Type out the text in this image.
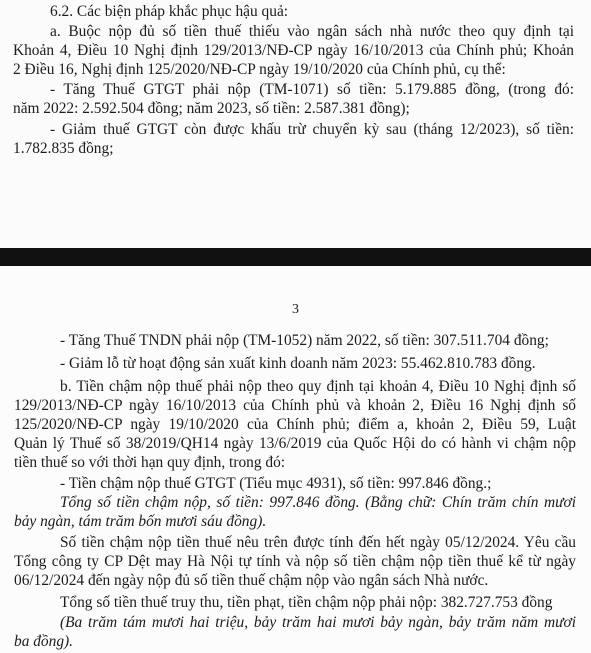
6.2. Các biện pháp khắc phục hậu quả:

a. Buộc nộp đủ số tiền thuế thiếu vào ngân sách nhà nước theo quy định tại

Khoản 4, Điều 10 Nghị định 129/2013/NĐ-CP ngày 16/10/2013 của Chính phủ; Khoản

2 Điều 16, Nghị định 125/2020/NĐ-CP ngày 19/10/2020 của Chính phủ, cụ thể:

- Tăng Thuế GTGT phải nộp (TM-1071) số tiền: 5.179.885 đồng, (trong đó:

năm 2022: 2.592.504 đồng; năm 2023, số tiền: 2.587.381 đồng);

- Giảm thuế GTGT còn được khấu trừ chuyển kỳ sau (tháng 12/2023), số tiền:

1.782.835 đồng;

3

- Tăng Thuế TNDN phải nộp (TM-1052) năm 2022, số tiền: 307.511.704 đồng;

- Giảm lỗ từ hoạt động sản xuất kinh doanh năm 2023: 55.462.810.783 đồng.

b. Tiền chậm nộp thuế phải nộp theo quy định tại khoản 4, Điều 10 Nghị định số

129/2013/NĐ-CP ngày 16/10/2013 của Chính phủ và khoản 2, Điều 16 Nghị định số

125/2020/NĐ-CP ngày 19/10/2020 của Chính phủ; điểm a, khoản 2, Điều 59, Luật

Quản lý Thuế số 38/2019/QH14 ngày 13/6/2019 của Quốc Hội do có hành vi chậm nộp

tiền thuế so với thời hạn quy định, trong đó:

- Tiền chậm nộp thuế GTGT (Tiểu mục 4931), số tiền: 997.846 đồng.;

Tổng số tiền chậm nộp, số tiền: 997.846 đồng. (Bằng chữ: Chín trăm chín mươi

bảy ngàn, tám trăm bốn mươi sáu đồng).

Số tiền chậm nộp tiền thuế nêu trên được tính đến hết ngày 05/12/2024. Yêu cầu

Tổng công ty CP Dệt may Hà Nội tự tính và nộp số tiền chậm nộp tiền thuế kể từ ngày

06/12/2024 đến ngày nộp đủ số tiền thuế chậm nộp vào ngân sách Nhà nước.

Tổng số tiền thuế truy thu, tiền phạt, tiền chậm nộp phải nộp: 382.727.753 đồng

(Ba trăm tám mươi hai triệu, bảy trăm hai mươi bảy ngàn, bảy trăm năm mươi

ba đồng).
